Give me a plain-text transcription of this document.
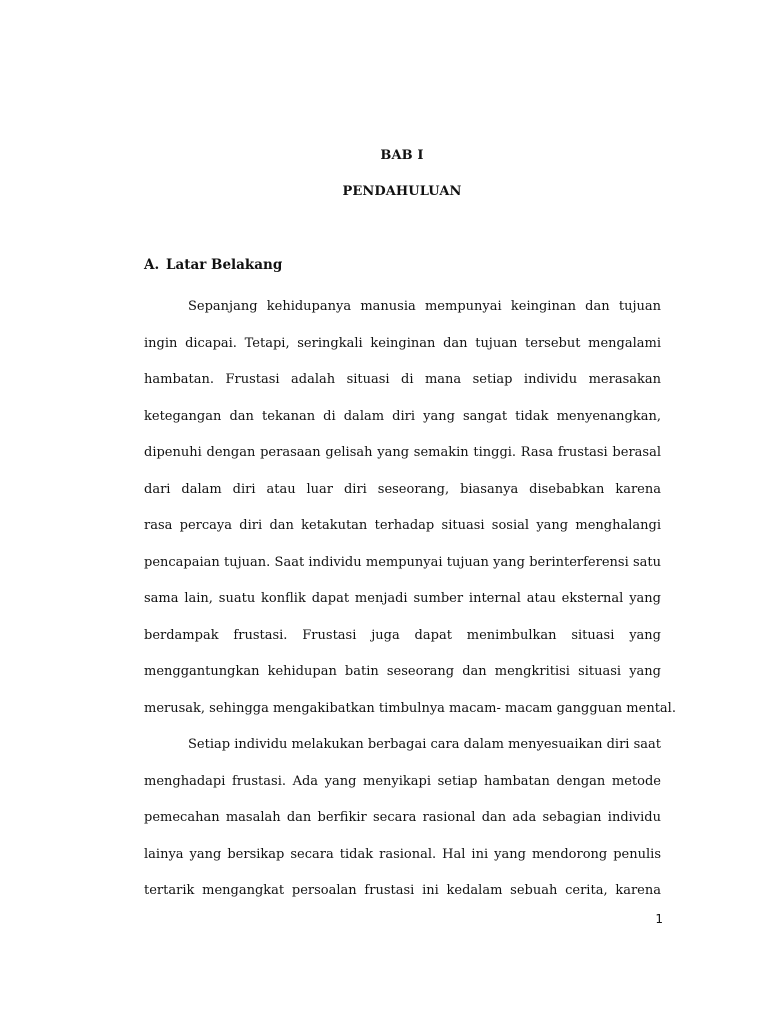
BAB I
PENDAHULUAN
A. Latar Belakang
Sepanjang kehidupanya manusia mempunyai keinginan dan tujuan
ingin dicapai. Tetapi, seringkali keinginan dan tujuan tersebut mengalami
hambatan. Frustasi adalah situasi di mana setiap individu merasakan
ketegangan dan tekanan di dalam diri yang sangat tidak menyenangkan,
dipenuhi dengan perasaan gelisah yang semakin tinggi. Rasa frustasi berasal
dari dalam diri atau luar diri seseorang, biasanya disebabkan karena
rasa percaya diri dan ketakutan terhadap situasi sosial yang menghalangi
pencapaian tujuan. Saat individu mempunyai tujuan yang berinterferensi satu
sama lain, suatu konflik dapat menjadi sumber internal atau eksternal yang
berdampak frustasi. Frustasi juga dapat menimbulkan situasi yang
menggantungkan kehidupan batin seseorang dan mengkritisi situasi yang
merusak, sehingga mengakibatkan timbulnya macam- macam gangguan mental.
Setiap individu melakukan berbagai cara dalam menyesuaikan diri saat
menghadapi frustasi. Ada yang menyikapi setiap hambatan dengan metode
pemecahan masalah dan berfikir secara rasional dan ada sebagian individu
lainya yang bersikap secara tidak rasional. Hal ini yang mendorong penulis
tertarik mengangkat persoalan frustasi ini kedalam sebuah cerita, karena
1
